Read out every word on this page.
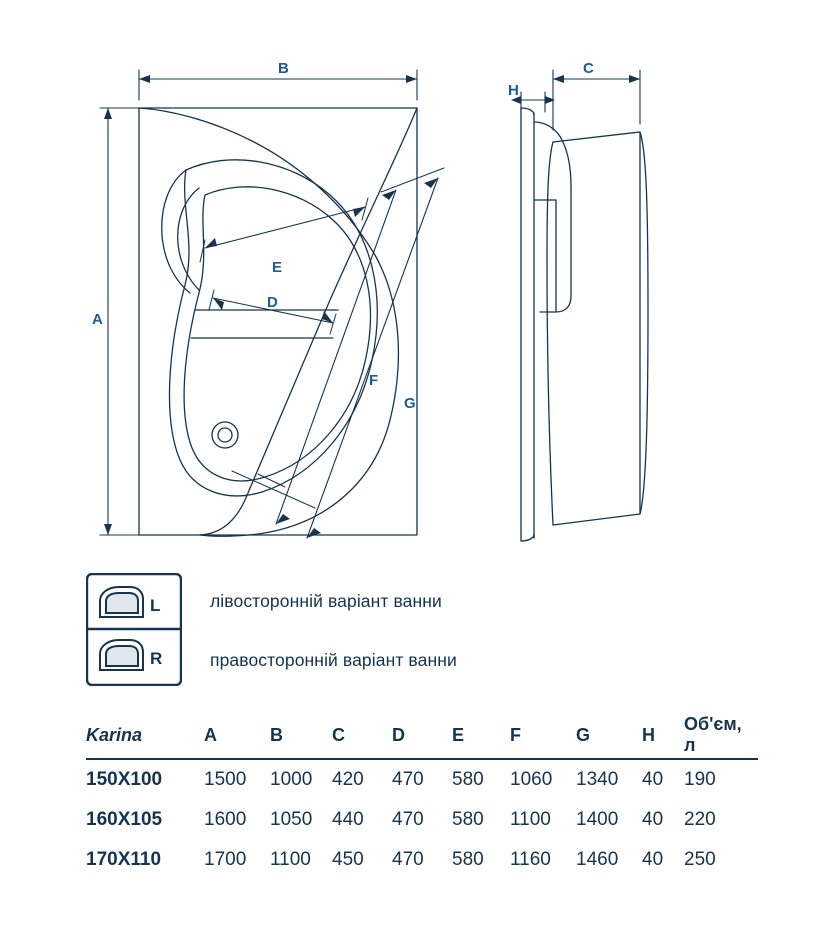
B
A
C
H
E
D
F
G
L
R
лівосторонній варіант ванни
правосторонній варіант ванни
Karina	A	B	C	D	E	F	G	H	Об'єм, л
150X100	1500	1000	420	470	580	1060	1340	40	190
160X105	1600	1050	440	470	580	1100	1400	40	220
170X110	1700	1100	450	470	580	1160	1460	40	250
